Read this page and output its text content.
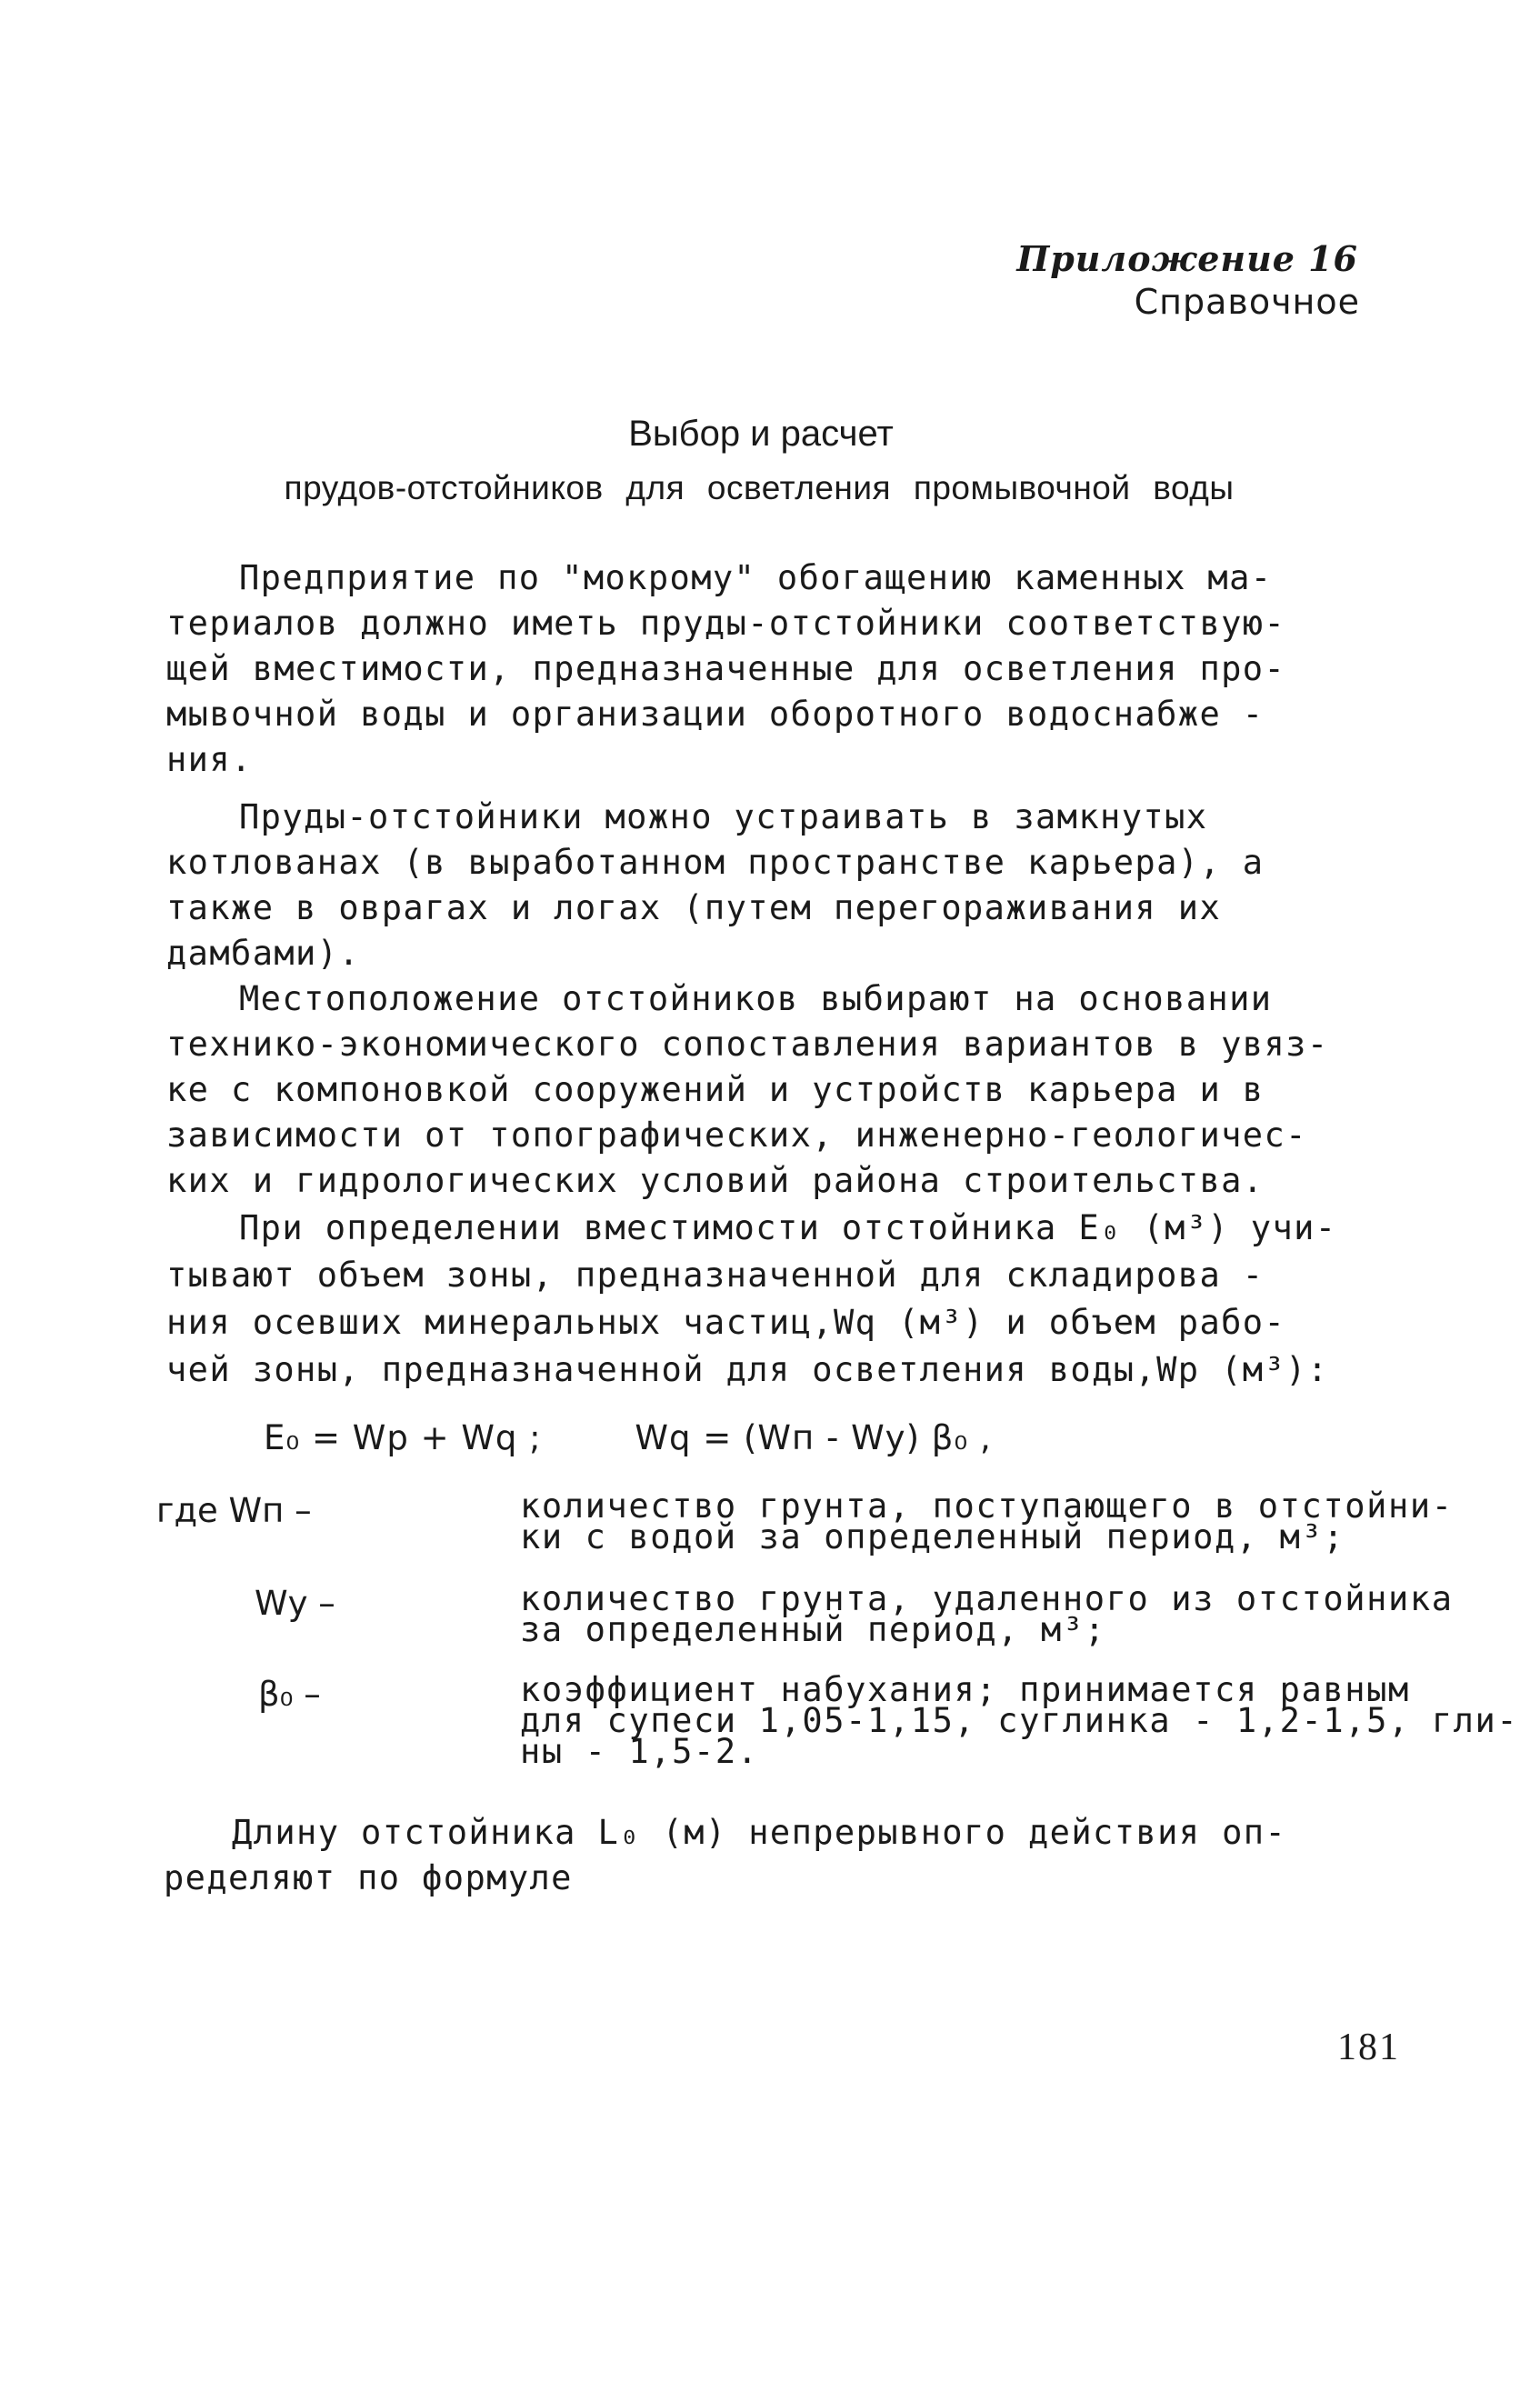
Приложение 16
Справочное
Выбор и расчет
прудов-отстойников для осветления промывочной воды
Предприятие по "мокрому" обогащению каменных ма-
териалов должно иметь пруды-отстойники соответствую-
щей вместимости, предназначенные для осветления про-
мывочной воды и организации оборотного водоснабже -
ния.
Пруды-отстойники можно устраивать в замкнутых
котлованах (в выработанном пространстве карьера), а
также в оврагах и логах (путем перегораживания их
дамбами).
Местоположение отстойников выбирают на основании
технико-экономического сопоставления вариантов в увяз-
ке с компоновкой сооружений и устройств карьера и в
зависимости от топографических, инженерно-геологичес-
ких и гидрологических условий района строительства.
При определении вместимости отстойника E₀ (м³) учи-
тывают объем зоны, предназначенной для складирова -
ния осевших минеральных частиц,Wq (м³) и объем рабо-
чей зоны, предназначенной для осветления воды,Wp (м³):
E₀ = Wp + Wq ;	Wq = (Wп - Wу) β₀ ,
где Wп –	количество грунта, поступающего в отстойни-
ки с водой за определенный период, м³;
Wу –	количество грунта, удаленного из отстойника
за определенный период, м³;
β₀ –	коэффициент набухания; принимается равным
для супеси 1,05-1,15, суглинка - 1,2-1,5, гли-
ны - 1,5-2.
Длину отстойника L₀ (м) непрерывного действия оп-
ределяют по формуле
181
